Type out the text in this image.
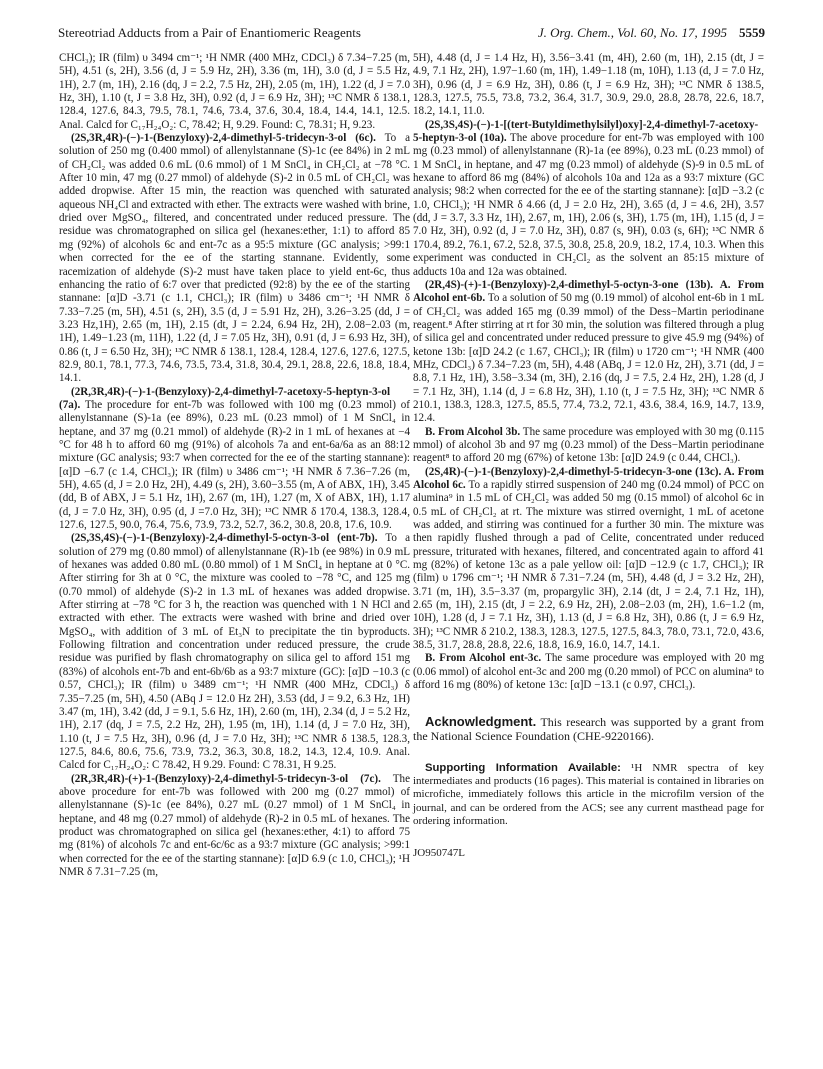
Stereotriad Adducts from a Pair of Enantiomeric Reagents	J. Org. Chem., Vol. 60, No. 17, 1995 5559

CHCl₃); IR (film) υ 3494 cm⁻¹; ¹H NMR (400 MHz, CDCl₃) δ 7.34−7.25 (m, 5H), 4.51 (s, 2H), 3.56 (d, J = 5.9 Hz, 2H), 3.36 (m, 1H), 3.0 (d, J = 5.5 Hz, 1H), 2.7 (m, 1H), 2.16 (dq, J = 2.2, 7.5 Hz, 2H), 2.05 (m, 1H), 1.22 (d, J = 7.0 Hz, 3H), 1.10 (t, J = 3.8 Hz, 3H), 0.92 (d, J = 6.9 Hz, 3H); ¹³C NMR δ 138.1, 128.4, 127.6, 84.3, 79.5, 78.1, 74.6, 73.4, 37.6, 30.4, 18.4, 14.4, 14.1, 12.5. Anal. Calcd for C₁₇H₂₄O₂: C, 78.42; H, 9.29. Found: C, 78.31; H, 9.23.

(2S,3R,4R)-(−)-1-(Benzyloxy)-2,4-dimethyl-5-tridecyn-3-ol (6c). To a solution of 250 mg (0.400 mmol) of allenylstannane (S)-1c (ee 84%) in 2 mL of CH₂Cl₂ was added 0.6 mL (0.6 mmol) of 1 M SnCl₄ in CH₂Cl₂ at −78 °C. After 10 min, 47 mg (0.27 mmol) of aldehyde (S)-2 in 0.5 mL of CH₂Cl₂ was added dropwise. After 15 min, the reaction was quenched with saturated aqueous NH₄Cl and extracted with ether. The extracts were washed with brine, dried over MgSO₄, filtered, and concentrated under reduced pressure. The residue was chromatographed on silica gel (hexanes:ether, 1:1) to afford 85 mg (92%) of alcohols 6c and ent-7c as a 95:5 mixture (GC analysis; >99:1 when corrected for the ee of the starting stannane. Evidently, some racemization of aldehyde (S)-2 must have taken place to yield ent-6c, thus enhancing the ratio of 6:7 over that predicted (92:8) by the ee of the starting stannane: [α]D -3.71 (c 1.1, CHCl₃); IR (film) υ 3486 cm⁻¹; ¹H NMR δ 7.33−7.25 (m, 5H), 4.51 (s, 2H), 3.5 (d, J = 5.91 Hz, 2H), 3.26−3.25 (dd, J = 3.23 Hz,1H), 2.65 (m, 1H), 2.15 (dt, J = 2.24, 6.94 Hz, 2H), 2.08−2.03 (m, 1H), 1.49−1.23 (m, 11H), 1.22 (d, J = 7.05 Hz, 3H), 0.91 (d, J = 6.93 Hz, 3H), 0.86 (t, J = 6.50 Hz, 3H); ¹³C NMR δ 138.1, 128.4, 128.4, 127.6, 127.6, 127.5, 82.9, 80.1, 78.1, 77.3, 74.6, 73.5, 73.4, 31.8, 30.4, 29.1, 28.8, 22.6, 18.8, 18.4, 14.1.

(2R,3R,4R)-(−)-1-(Benzyloxy)-2,4-dimethyl-7-acetoxy-5-heptyn-3-ol (7a). The procedure for ent-7b was followed with 100 mg (0.23 mmol) of allenylstannane (S)-1a (ee 89%), 0.23 mL (0.23 mmol) of 1 M SnCl₄ in heptane, and 37 mg (0.21 mmol) of aldehyde (R)-2 in 1 mL of hexanes at −4 °C for 48 h to afford 60 mg (91%) of alcohols 7a and ent-6a/6a as an 88:12 mixture (GC analysis; 93:7 when corrected for the ee of the starting stannane): [α]D −6.7 (c 1.4, CHCl₃); IR (film) υ 3486 cm⁻¹; ¹H NMR δ 7.36−7.26 (m, 5H), 4.65 (d, J = 2.0 Hz, 2H), 4.49 (s, 2H), 3.60−3.55 (m, A of ABX, 1H), 3.45 (dd, B of ABX, J = 5.1 Hz, 1H), 2.67 (m, 1H), 1.27 (m, X of ABX, 1H), 1.17 (d, J = 7.0 Hz, 3H), 0.95 (d, J =7.0 Hz, 3H); ¹³C NMR δ 170.4, 138.3, 128.4, 127.6, 127.5, 90.0, 76.4, 75.6, 73.9, 73.2, 52.7, 36.2, 30.8, 20.8, 17.6, 10.9.

(2S,3S,4S)-(−)-1-(Benzyloxy)-2,4-dimethyl-5-octyn-3-ol (ent-7b). To a solution of 279 mg (0.80 mmol) of allenylstannane (R)-1b (ee 98%) in 0.9 mL of hexanes was added 0.80 mL (0.80 mmol) of 1 M SnCl₄ in heptane at 0 °C. After stirring for 3h at 0 °C, the mixture was cooled to −78 °C, and 125 mg (0.70 mmol) of aldehyde (S)-2 in 1.3 mL of hexanes was added dropwise. After stirring at −78 °C for 3 h, the reaction was quenched with 1 N HCl and extracted with ether. The extracts were washed with brine and dried over MgSO₄, with addition of 3 mL of Et₃N to precipitate the tin byproducts. Following filtration and concentration under reduced pressure, the crude residue was purified by flash chromatography on silica gel to afford 151 mg (83%) of alcohols ent-7b and ent-6b/6b as a 93:7 mixture (GC): [α]D −10.3 (c 0.57, CHCl₃); IR (film) υ 3489 cm⁻¹; ¹H NMR (400 MHz, CDCl₃) δ 7.35−7.25 (m, 5H), 4.50 (ABq J = 12.0 Hz 2H), 3.53 (dd, J = 9.2, 6.3 Hz, 1H) 3.47 (m, 1H), 3.42 (dd, J = 9.1, 5.6 Hz, 1H), 2.60 (m, 1H), 2.34 (d, J = 5.2 Hz, 1H), 2.17 (dq, J = 7.5, 2.2 Hz, 2H), 1.95 (m, 1H), 1.14 (d, J = 7.0 Hz, 3H), 1.10 (t, J = 7.5 Hz, 3H), 0.96 (d, J = 7.0 Hz, 3H); ¹³C NMR δ 138.5, 128.3, 127.5, 84.6, 80.6, 75.6, 73.9, 73.2, 36.3, 30.8, 18.2, 14.3, 12.4, 10.9. Anal. Calcd for C₁₇H₂₄O₂: C 78.42, H 9.29. Found: C 78.31, H 9.25.

(2R,3R,4R)-(+)-1-(Benzyloxy)-2,4-dimethyl-5-tridecyn-3-ol (7c). The above procedure for ent-7b was followed with 200 mg (0.27 mmol) of allenylstannane (S)-1c (ee 84%), 0.27 mL (0.27 mmol) of 1 M SnCl₄ in heptane, and 48 mg (0.27 mmol) of aldehyde (R)-2 in 0.5 mL of hexanes. The product was chromatographed on silica gel (hexanes:ether, 4:1) to afford 75 mg (81%) of alcohols 7c and ent-6c/6c as a 93:7 mixture (GC analysis; >99:1 when corrected for the ee of the starting stannane): [α]D 6.9 (c 1.0, CHCl₃); ¹H NMR δ 7.31−7.25 (m,

5H), 4.48 (d, J = 1.4 Hz, H), 3.56−3.41 (m, 4H), 2.60 (m, 1H), 2.15 (dt, J = 4.9, 7.1 Hz, 2H), 1.97−1.60 (m, 1H), 1.49−1.18 (m, 10H), 1.13 (d, J = 7.0 Hz, 3H), 0.96 (d, J = 6.9 Hz, 3H), 0.86 (t, J = 6.9 Hz, 3H); ¹³C NMR δ 138.5, 128.3, 127.5, 75.5, 73.8, 73.2, 36.4, 31.7, 30.9, 29.0, 28.8, 28.78, 22.6, 18.7, 18.2, 14.1, 11.0.

(2S,3S,4S)-(−)-1-[(tert-Butyldimethylsilyl)oxy]-2,4-dimethyl-7-acetoxy-5-heptyn-3-ol (10a). The above procedure for ent-7b was employed with 100 mg (0.23 mmol) of allenylstannane (R)-1a (ee 89%), 0.23 mL (0.23 mmol) of 1 M SnCl₄ in heptane, and 47 mg (0.23 mmol) of aldehyde (S)-9 in 0.5 mL of hexane to afford 86 mg (84%) of alcohols 10a and 12a as a 93:7 mixture (GC analysis; 98:2 when corrected for the ee of the starting stannane): [α]D −3.2 (c 1.0, CHCl₃); ¹H NMR δ 4.66 (d, J = 2.0 Hz, 2H), 3.65 (d, J = 4.6, 2H), 3.57 (dd, J = 3.7, 3.3 Hz, 1H), 2.67, m, 1H), 2.06 (s, 3H), 1.75 (m, 1H), 1.15 (d, J = 7.0 Hz, 3H), 0.92 (d, J = 7.0 Hz, 3H), 0.87 (s, 9H), 0.03 (s, 6H); ¹³C NMR δ 170.4, 89.2, 76.1, 67.2, 52.8, 37.5, 30.8, 25.8, 20.9, 18.2, 17.4, 10.3. When this experiment was conducted in CH₂Cl₂ as the solvent an 85:15 mixture of adducts 10a and 12a was obtained.

(2R,4S)-(+)-1-(Benzyloxy)-2,4-dimethyl-5-octyn-3-one (13b). A. From Alcohol ent-6b. To a solution of 50 mg (0.19 mmol) of alcohol ent-6b in 1 mL of CH₂Cl₂ was added 165 mg (0.39 mmol) of the Dess−Martin periodinane reagent.⁸ After stirring at rt for 30 min, the solution was filtered through a plug of silica gel and concentrated under reduced pressure to give 45.9 mg (94%) of ketone 13b: [α]D 24.2 (c 1.67, CHCl₃); IR (film) υ 1720 cm⁻¹; ¹H NMR (400 MHz, CDCl₃) δ 7.34−7.23 (m, 5H), 4.48 (ABq, J = 12.0 Hz, 2H), 3.71 (dd, J = 8.8, 7.1 Hz, 1H), 3.58−3.34 (m, 3H), 2.16 (dq, J = 7.5, 2.4 Hz, 2H), 1.28 (d, J = 7.1 Hz, 3H), 1.14 (d, J = 6.8 Hz, 3H), 1.10 (t, J = 7.5 Hz, 3H); ¹³C NMR δ 210.1, 138.3, 128.3, 127.5, 85.5, 77.4, 73.2, 72.1, 43.6, 38.4, 16.9, 14.7, 13.9, 12.4.

B. From Alcohol 3b. The same procedure was employed with 30 mg (0.115 mmol) of alcohol 3b and 97 mg (0.23 mmol) of the Dess−Martin periodinane reagent⁸ to afford 20 mg (67%) of ketone 13b: [α]D 24.9 (c 0.44, CHCl₃).

(2S,4R)-(−)-1-(Benzyloxy)-2,4-dimethyl-5-tridecyn-3-one (13c). A. From Alcohol 6c. To a rapidly stirred suspension of 240 mg (0.24 mmol) of PCC on alumina⁹ in 1.5 mL of CH₂Cl₂ was added 50 mg (0.15 mmol) of alcohol 6c in 0.5 mL of CH₂Cl₂ at rt. The mixture was stirred overnight, 1 mL of acetone was added, and stirring was continued for a further 30 min. The mixture was then rapidly flushed through a pad of Celite, concentrated under reduced pressure, triturated with hexanes, filtered, and concentrated again to afford 41 mg (82%) of ketone 13c as a pale yellow oil: [α]D −12.9 (c 1.7, CHCl₃); IR (film) υ 1796 cm⁻¹; ¹H NMR δ 7.31−7.24 (m, 5H), 4.48 (d, J = 3.2 Hz, 2H), 3.71 (m, 1H), 3.5−3.37 (m, propargylic 3H), 2.14 (dt, J = 2.4, 7.1 Hz, 1H), 2.65 (m, 1H), 2.15 (dt, J = 2.2, 6.9 Hz, 2H), 2.08−2.03 (m, 2H), 1.6−1.2 (m, 10H), 1.28 (d, J = 7.1 Hz, 3H), 1.13 (d, J = 6.8 Hz, 3H), 0.86 (t, J = 6.9 Hz, 3H); ¹³C NMR δ 210.2, 138.3, 128.3, 127.5, 127.5, 84.3, 78.0, 73.1, 72.0, 43.6, 38.5, 31.7, 28.8, 28.8, 22.6, 18.8, 16.9, 16.0, 14.7, 14.1.

B. From Alcohol ent-3c. The same procedure was employed with 20 mg (0.06 mmol) of alcohol ent-3c and 200 mg (0.20 mmol) of PCC on alumina⁹ to afford 16 mg (80%) of ketone 13c: [α]D −13.1 (c 0.97, CHCl₃).

Acknowledgment. This research was supported by a grant from the National Science Foundation (CHE-9220166).

Supporting Information Available: ¹H NMR spectra of key intermediates and products (16 pages). This material is contained in libraries on microfiche, immediately follows this article in the microfilm version of the journal, and can be ordered from the ACS; see any current masthead page for ordering information.

JO950747L
